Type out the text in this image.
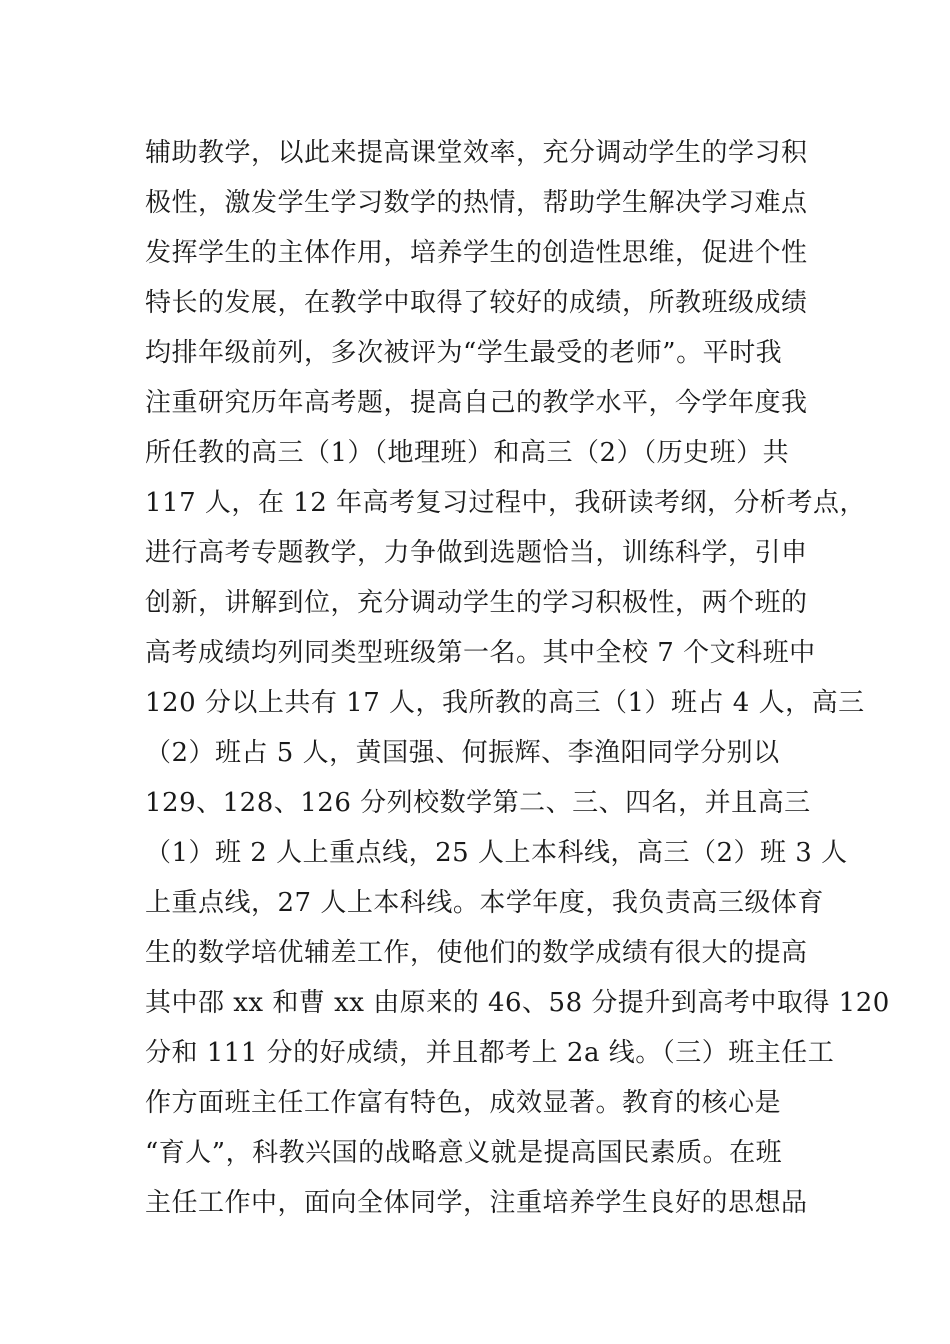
辅助教学，以此来提高课堂效率，充分调动学生的学习积
极性，激发学生学习数学的热情，帮助学生解决学习难点
发挥学生的主体作用，培养学生的创造性思维，促进个性
特长的发展，在教学中取得了较好的成绩，所教班级成绩
均排年级前列，多次被评为“学生最受的老师”。平时我
注重研究历年高考题，提高自己的教学水平，今学年度我
所任教的高三（1）（地理班）和高三（2）（历史班）共
117 人，在 12 年高考复习过程中，我研读考纲，分析考点，
进行高考专题教学，力争做到选题恰当，训练科学，引申
创新，讲解到位，充分调动学生的学习积极性，两个班的
高考成绩均列同类型班级第一名。其中全校 7 个文科班中
120 分以上共有 17 人，我所教的高三（1）班占 4 人，高三
（2）班占 5 人，黄国强、何振辉、李渔阳同学分别以
129、128、126 分列校数学第二、三、四名，并且高三
（1）班 2 人上重点线，25 人上本科线，高三（2）班 3 人
上重点线，27 人上本科线。本学年度，我负责高三级体育
生的数学培优辅差工作，使他们的数学成绩有很大的提高
其中邵 xx 和曹 xx 由原来的 46、58 分提升到高考中取得 120
分和 111 分的好成绩，并且都考上 2a 线。（三）班主任工
作方面班主任工作富有特色，成效显著。教育的核心是
“育人”，科教兴国的战略意义就是提高国民素质。在班
主任工作中，面向全体同学，注重培养学生良好的思想品
